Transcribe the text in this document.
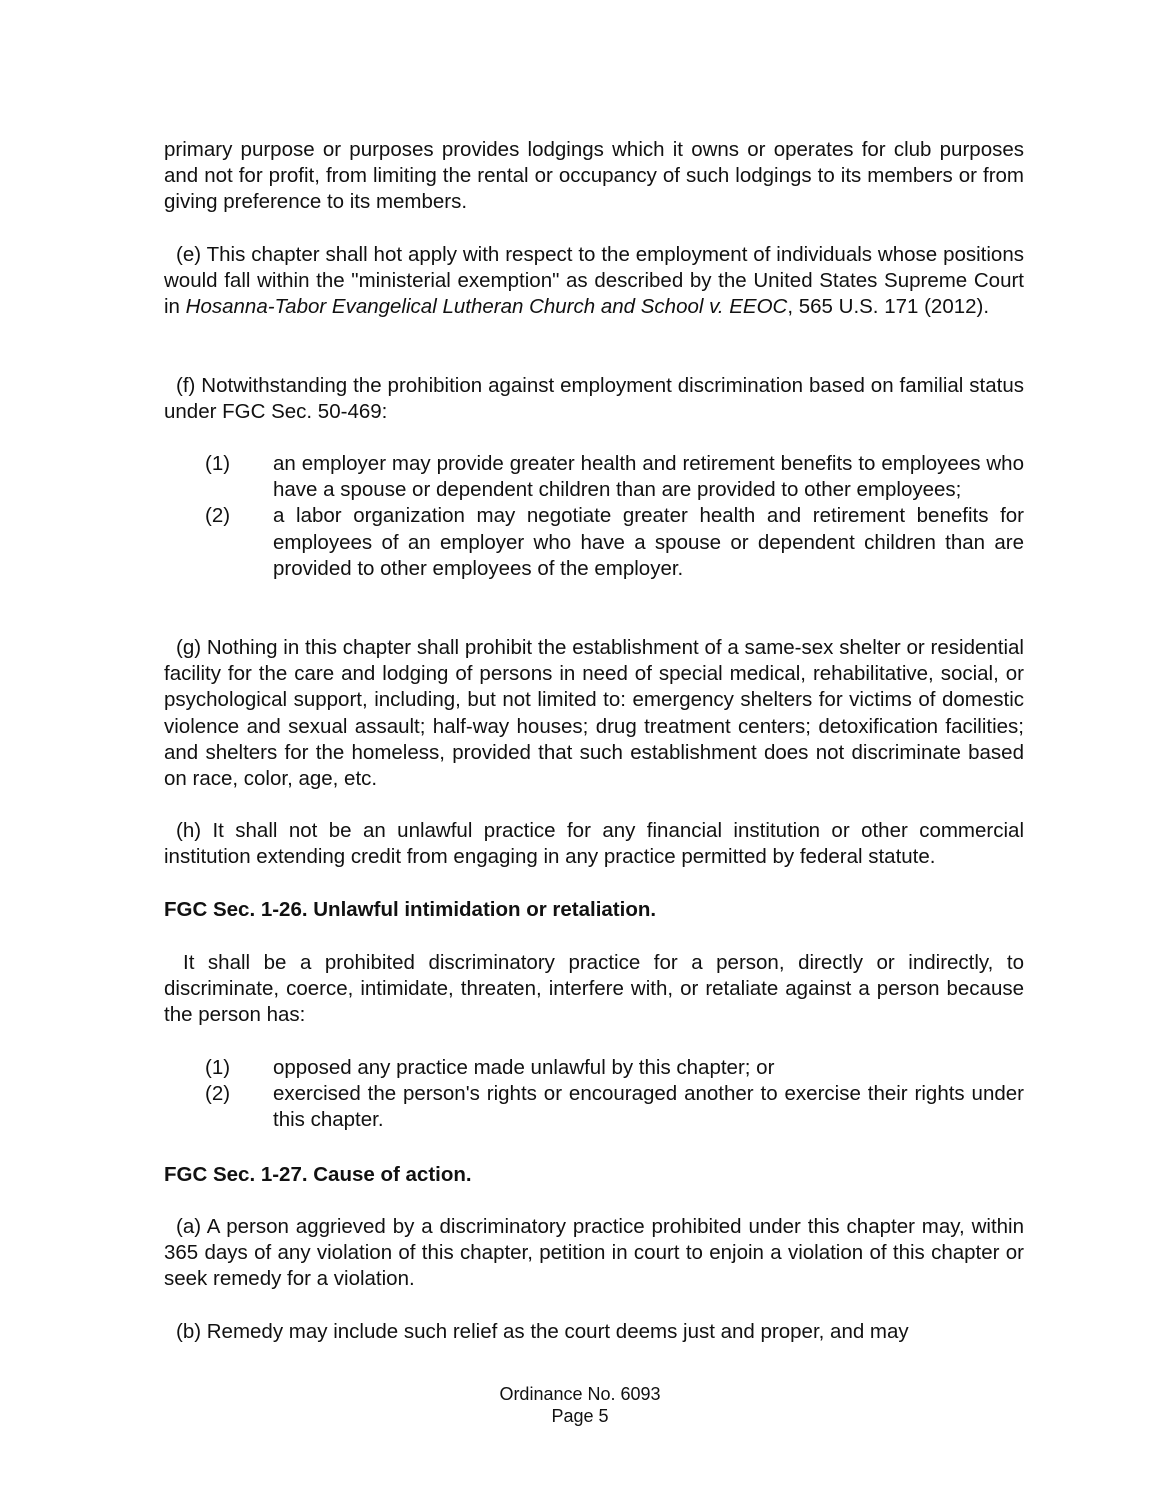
primary purpose or purposes provides lodgings which it owns or operates for club purposes and not for profit, from limiting the rental or occupancy of such lodgings to its members or from giving preference to its members.

(e) This chapter shall hot apply with respect to the employment of individuals whose positions would fall within the "ministerial exemption" as described by the United States Supreme Court in Hosanna-Tabor Evangelical Lutheran Church and School v. EEOC, 565 U.S. 171 (2012).

(f) Notwithstanding the prohibition against employment discrimination based on familial status under FGC Sec. 50-469:

(1) an employer may provide greater health and retirement benefits to employees who have a spouse or dependent children than are provided to other employees;
(2) a labor organization may negotiate greater health and retirement benefits for employees of an employer who have a spouse or dependent children than are provided to other employees of the employer.

(g) Nothing in this chapter shall prohibit the establishment of a same-sex shelter or residential facility for the care and lodging of persons in need of special medical, rehabilitative, social, or psychological support, including, but not limited to: emergency shelters for victims of domestic violence and sexual assault; half-way houses; drug treatment centers; detoxification facilities; and shelters for the homeless, provided that such establishment does not discriminate based on race, color, age, etc.

(h) It shall not be an unlawful practice for any financial institution or other commercial institution extending credit from engaging in any practice permitted by federal statute.

FGC Sec. 1-26. Unlawful intimidation or retaliation.

It shall be a prohibited discriminatory practice for a person, directly or indirectly, to discriminate, coerce, intimidate, threaten, interfere with, or retaliate against a person because the person has:

(1) opposed any practice made unlawful by this chapter; or
(2) exercised the person's rights or encouraged another to exercise their rights under this chapter.

FGC Sec. 1-27. Cause of action.

(a) A person aggrieved by a discriminatory practice prohibited under this chapter may, within 365 days of any violation of this chapter, petition in court to enjoin a violation of this chapter or seek remedy for a violation.

(b) Remedy may include such relief as the court deems just and proper, and may

Ordinance No. 6093
Page 5
